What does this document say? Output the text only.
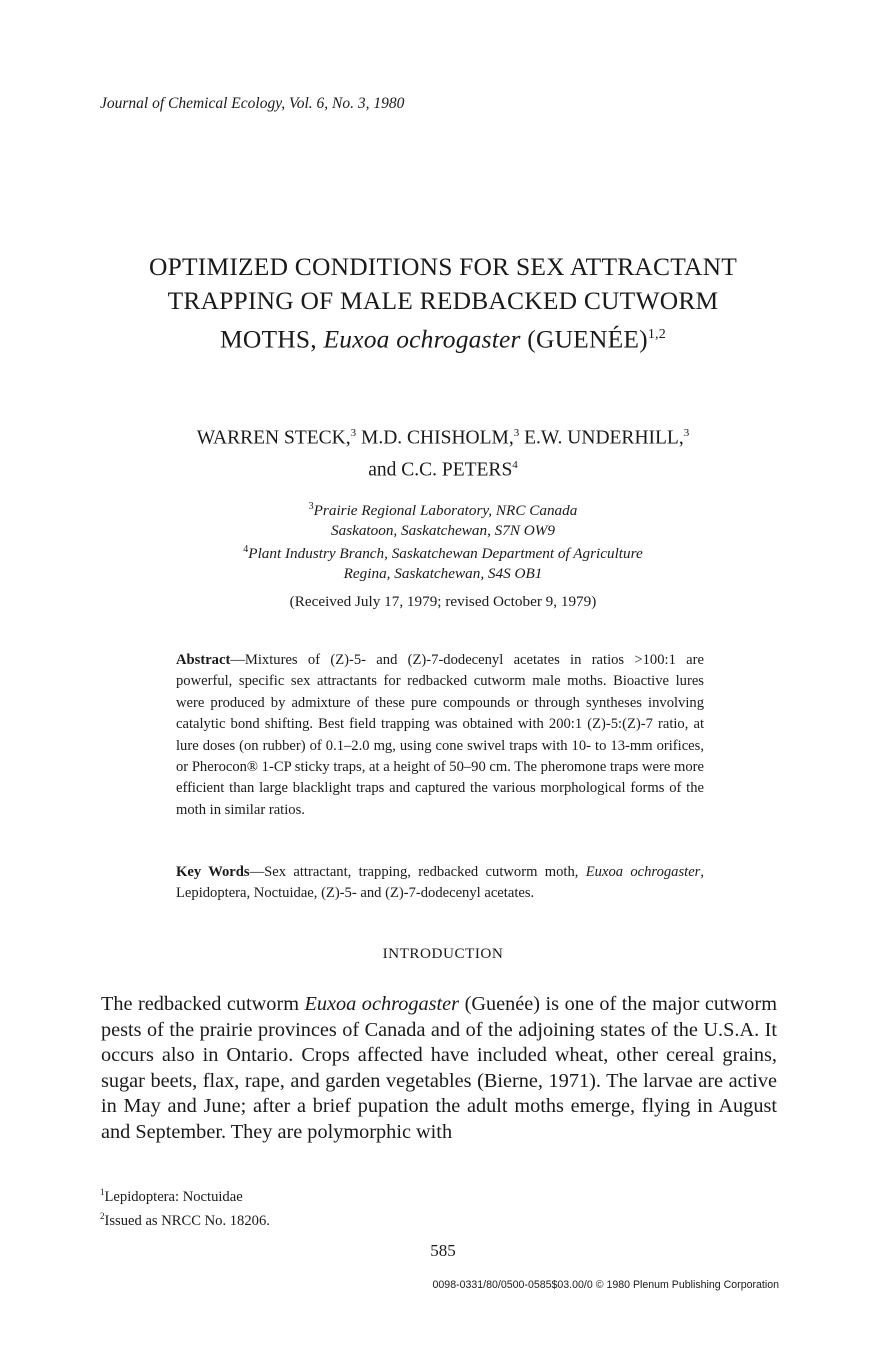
Journal of Chemical Ecology, Vol. 6, No. 3, 1980
OPTIMIZED CONDITIONS FOR SEX ATTRACTANT
TRAPPING OF MALE REDBACKED CUTWORM
MOTHS, Euxoa ochrogaster (GUENÉE)$^{1,2}$
WARREN STECK,$^3$ M.D. CHISHOLM,$^3$ E.W. UNDERHILL,$^3$
and C.C. PETERS$^4$
$^3$Prairie Regional Laboratory, NRC Canada
Saskatoon, Saskatchewan, S7N OW9
$^4$Plant Industry Branch, Saskatchewan Department of Agriculture
Regina, Saskatchewan, S4S OB1
(Received July 17, 1979; revised October 9, 1979)
Abstract—Mixtures of (Z)-5- and (Z)-7-dodecenyl acetates in ratios >100:1 are powerful, specific sex attractants for redbacked cutworm male moths. Bioactive lures were produced by admixture of these pure compounds or through syntheses involving catalytic bond shifting. Best field trapping was obtained with 200:1 (Z)-5:(Z)-7 ratio, at lure doses (on rubber) of 0.1–2.0 mg, using cone swivel traps with 10- to 13-mm orifices, or Pherocon® 1-CP sticky traps, at a height of 50–90 cm. The pheromone traps were more efficient than large blacklight traps and captured the various morphological forms of the moth in similar ratios.
Key Words—Sex attractant, trapping, redbacked cutworm moth, Euxoa ochrogaster, Lepidoptera, Noctuidae, (Z)-5- and (Z)-7-dodecenyl acetates.
INTRODUCTION
The redbacked cutworm Euxoa ochrogaster (Guenée) is one of the major cutworm pests of the prairie provinces of Canada and of the adjoining states of the U.S.A. It occurs also in Ontario. Crops affected have included wheat, other cereal grains, sugar beets, flax, rape, and garden vegetables (Bierne, 1971). The larvae are active in May and June; after a brief pupation the adult moths emerge, flying in August and September. They are polymorphic with
$^1$Lepidoptera: Noctuidae
$^2$Issued as NRCC No. 18206.
585
0098-0331/80/0500-0585$03.00/0 © 1980 Plenum Publishing Corporation
